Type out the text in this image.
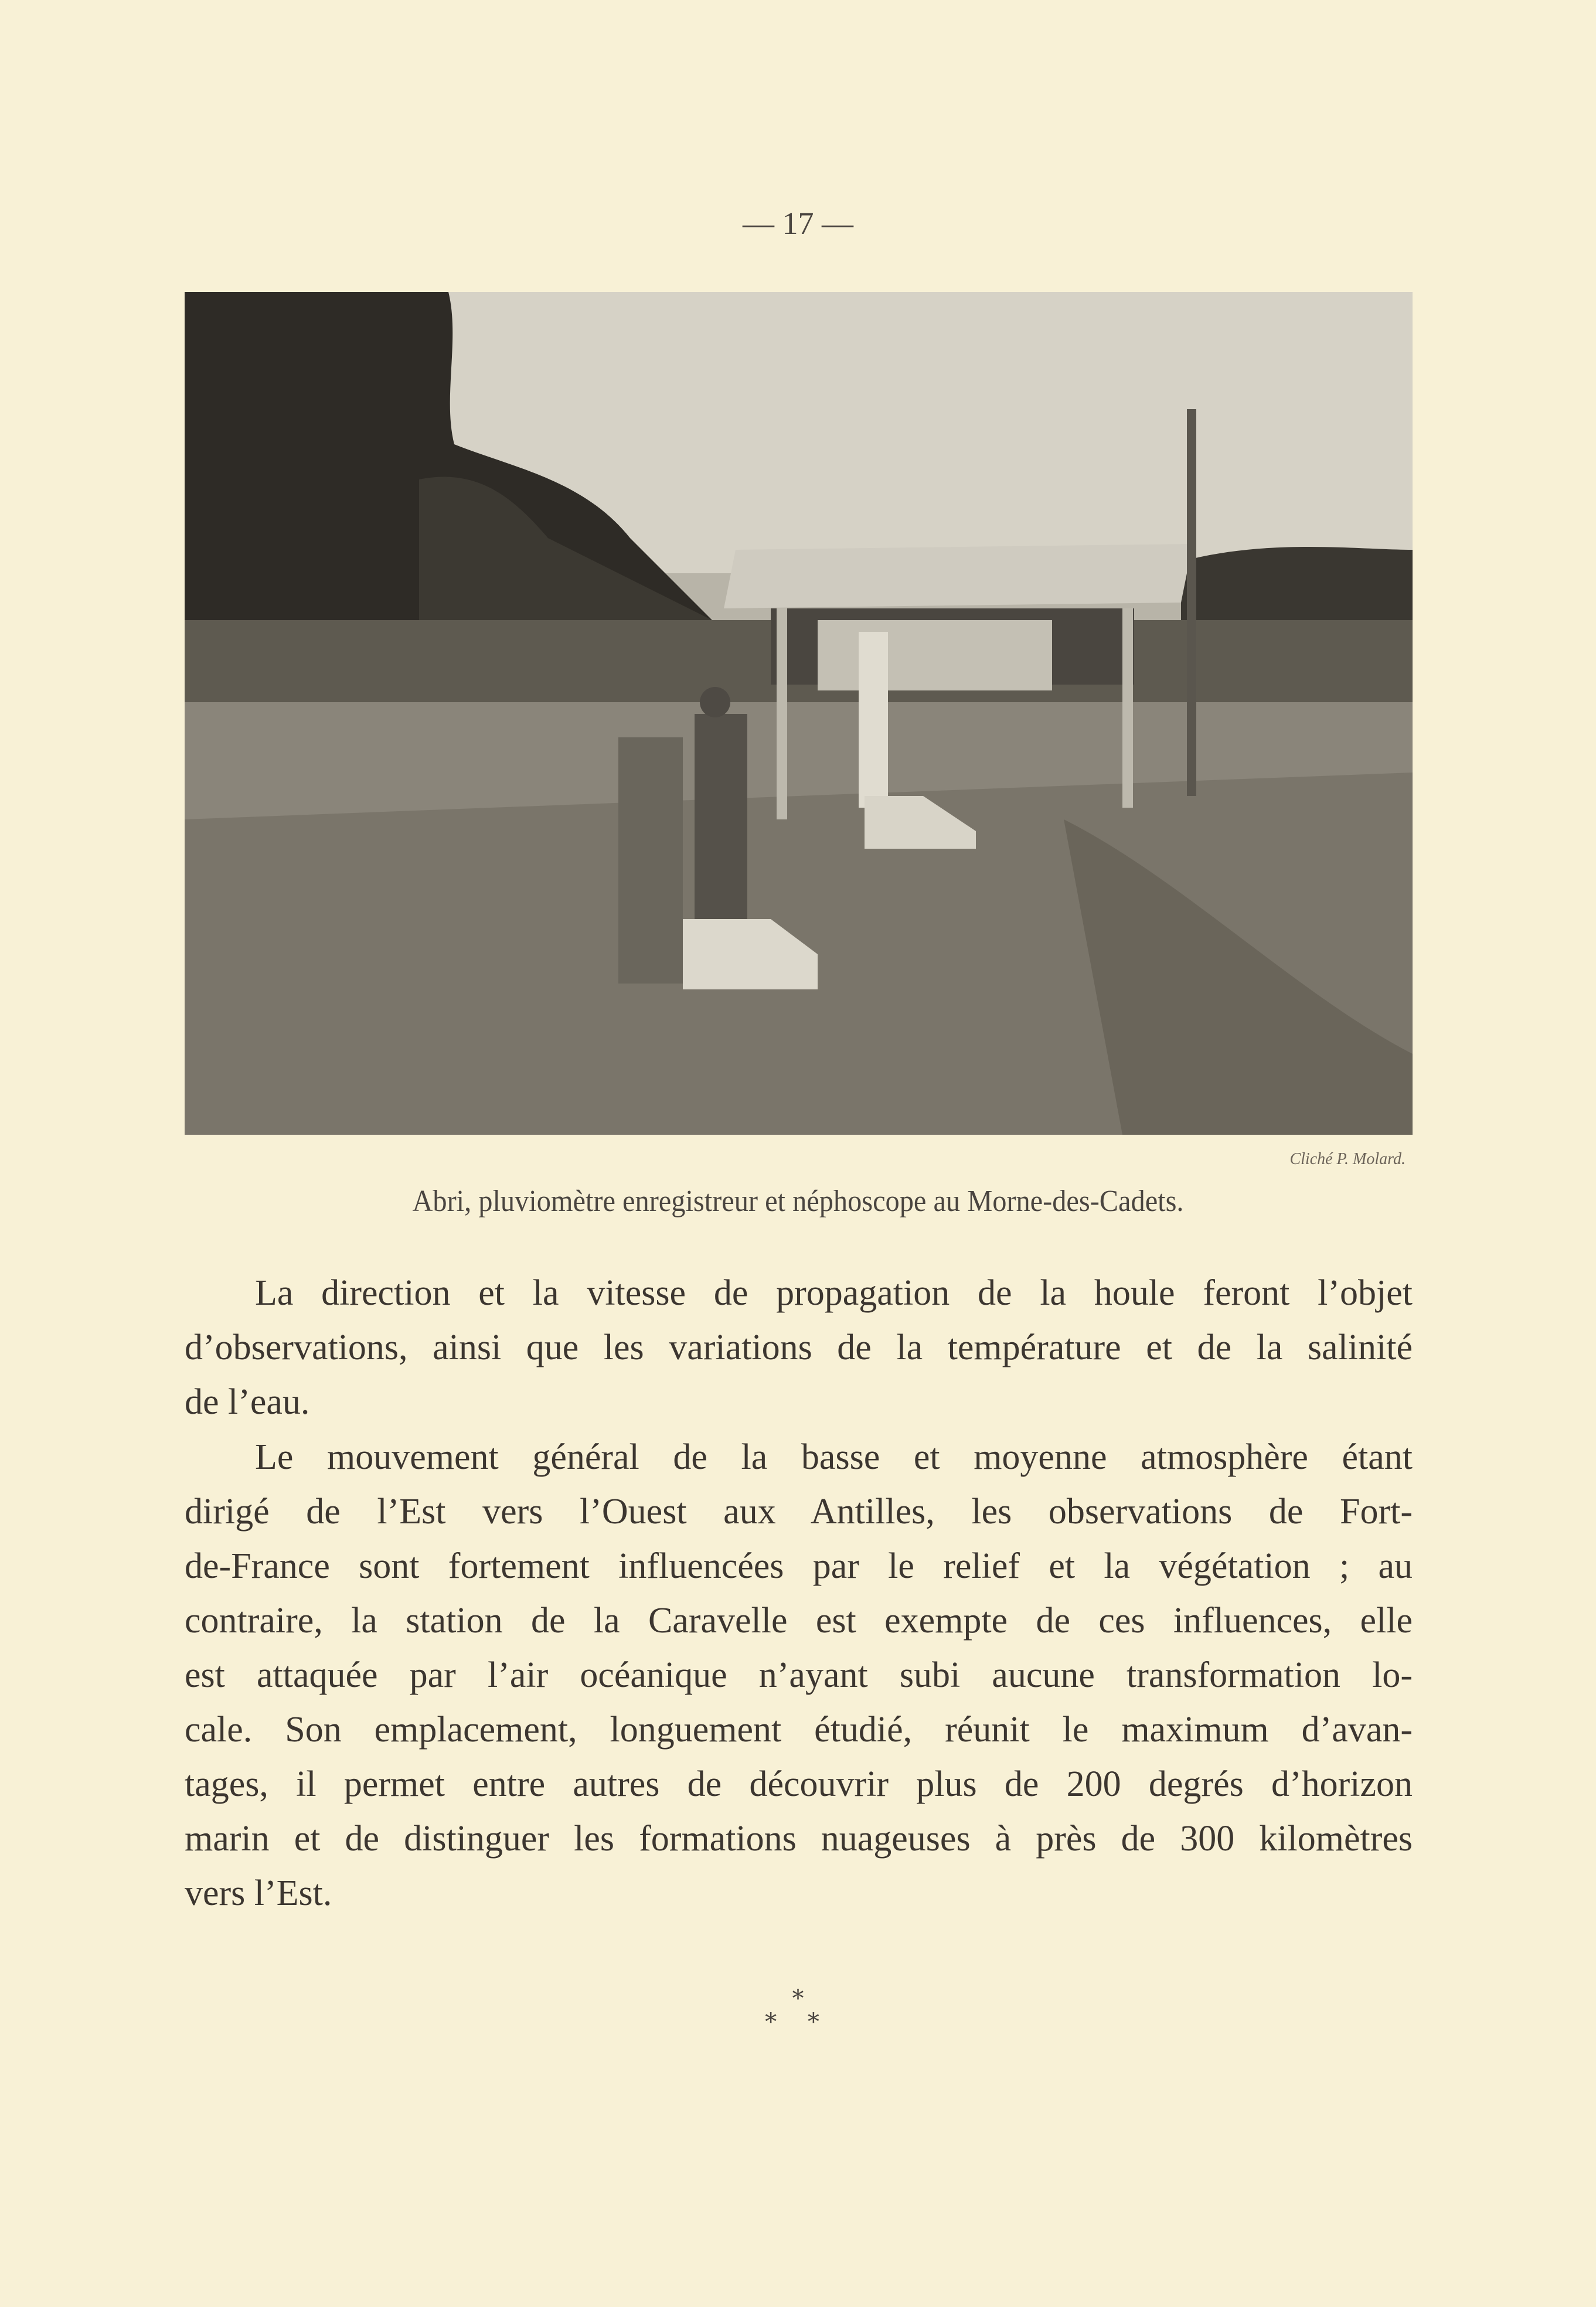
— 17 —
Cliché P. Molard.
Abri, pluviomètre enregistreur et néphoscope au Morne-des-Cadets.
La direction et la vitesse de propagation de la houle feront l’objet
d’observations, ainsi que les variations de la température et de la salinité
de l’eau.
Le mouvement général de la basse et moyenne atmosphère étant
dirigé de l’Est vers l’Ouest aux Antilles, les observations de Fort-
de-France sont fortement influencées par le relief et la végétation ; au
contraire, la station de la Caravelle est exempte de ces influences, elle
est attaquée par l’air océanique n’ayant subi aucune transformation lo-
cale. Son emplacement, longuement étudié, réunit le maximum d’avan-
tages, il permet entre autres de découvrir plus de 200 degrés d’horizon
marin et de distinguer les formations nuageuses à près de 300 kilomètres
vers l’Est.
*
* *
